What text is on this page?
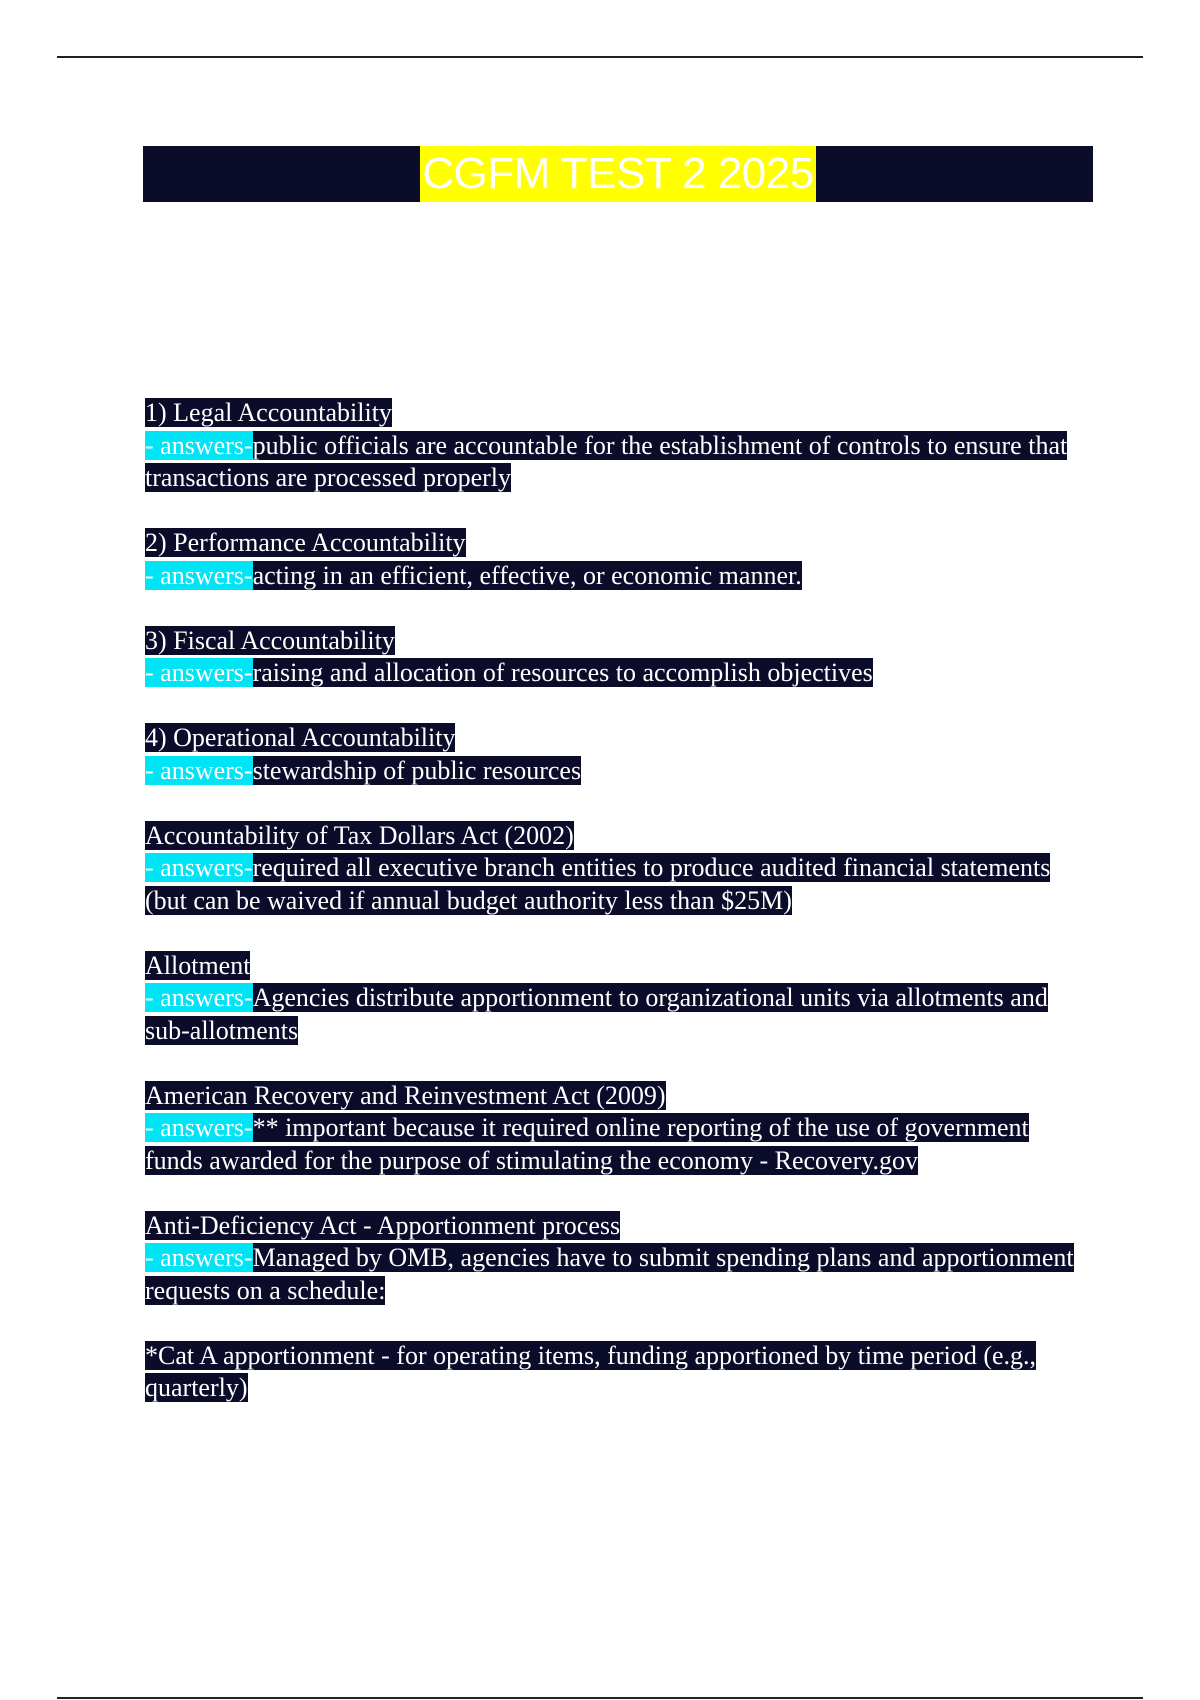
CGFM TEST 2 2025
1) Legal Accountability
- answers-public officials are accountable for the establishment of controls to ensure that transactions are processed properly
2) Performance Accountability
- answers-acting in an efficient, effective, or economic manner.
3) Fiscal Accountability
- answers-raising and allocation of resources to accomplish objectives
4) Operational Accountability
- answers-stewardship of public resources
Accountability of Tax Dollars Act (2002)
- answers-required all executive branch entities to produce audited financial statements (but can be waived if annual budget authority less than $25M)
Allotment
- answers-Agencies distribute apportionment to organizational units via allotments and sub-allotments
American Recovery and Reinvestment Act (2009)
- answers-** important because it required online reporting of the use of government funds awarded for the purpose of stimulating the economy - Recovery.gov
Anti-Deficiency Act - Apportionment process
- answers-Managed by OMB, agencies have to submit spending plans and apportionment requests on a schedule:
*Cat A apportionment - for operating items, funding apportioned by time period (e.g., quarterly)
